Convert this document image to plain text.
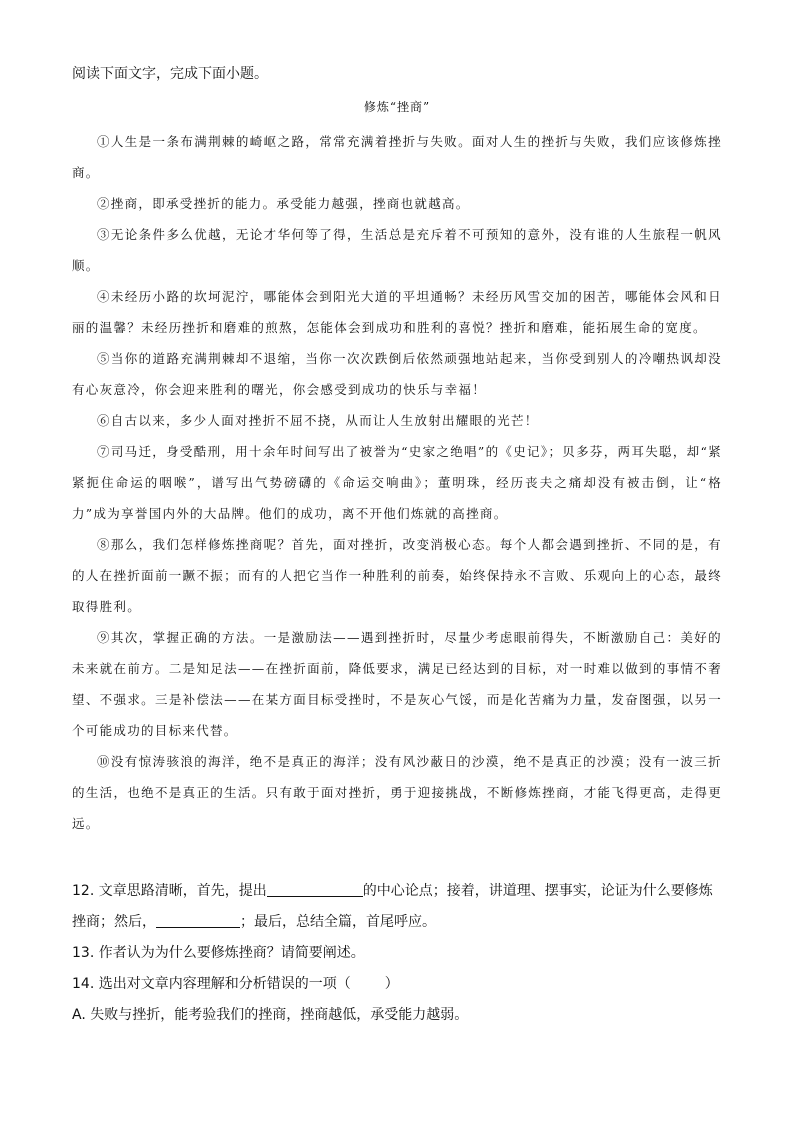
阅读下面文字，完成下面小题。
修炼“挫商”

①人生是一条布满荆棘的崎岖之路，常常充满着挫折与失败。面对人生的挫折与失败，我们应该修炼挫商。

②挫商，即承受挫折的能力。承受能力越强，挫商也就越高。

③无论条件多么优越，无论才华何等了得，生活总是充斥着不可预知的意外，没有谁的人生旅程一帆风顺。

④未经历小路的坎坷泥泞，哪能体会到阳光大道的平坦通畅？未经历风雪交加的困苦，哪能体会风和日丽的温馨？未经历挫折和磨难的煎熬，怎能体会到成功和胜利的喜悦？挫折和磨难，能拓展生命的宽度。

⑤当你的道路充满荆棘却不退缩，当你一次次跌倒后依然顽强地站起来，当你受到别人的冷嘲热讽却没有心灰意冷，你会迎来胜利的曙光，你会感受到成功的快乐与幸福！

⑥自古以来，多少人面对挫折不屈不挠，从而让人生放射出耀眼的光芒！

⑦司马迁，身受酷刑，用十余年时间写出了被誉为“史家之绝唱”的《史记》；贝多芬，两耳失聪，却“紧紧扼住命运的咽喉”，谱写出气势磅礴的《命运交响曲》；董明珠，经历丧夫之痛却没有被击倒，让“格力”成为享誉国内外的大品牌。他们的成功，离不开他们炼就的高挫商。

⑧那么，我们怎样修炼挫商呢？首先，面对挫折，改变消极心态。每个人都会遇到挫折、不同的是，有的人在挫折面前一蹶不振；而有的人把它当作一种胜利的前奏，始终保持永不言败、乐观向上的心态，最终取得胜利。

⑨其次，掌握正确的方法。一是激励法——遇到挫折时，尽量少考虑眼前得失，不断激励自己：美好的未来就在前方。二是知足法——在挫折面前，降低要求，满足已经达到的目标，对一时难以做到的事情不奢望、不强求。三是补偿法——在某方面目标受挫时，不是灰心气馁，而是化苦痛为力量，发奋图强，以另一个可能成功的目标来代替。

⑩没有惊涛骇浪的海洋，绝不是真正的海洋；没有风沙蔽日的沙漠，绝不是真正的沙漠；没有一波三折的生活，也绝不是真正的生活。只有敢于面对挫折，勇于迎接挑战，不断修炼挫商，才能飞得更高，走得更远。

12. 文章思路清晰，首先，提出	的中心论点；接着，讲道理、摆事实，论证为什么要修炼挫商；然后，	；最后，总结全篇，首尾呼应。

13. 作者认为为什么要修炼挫商？请简要阐述。

14. 选出对文章内容理解和分析错误的一项（ ）

A. 失败与挫折，能考验我们的挫商，挫商越低，承受能力越弱。
